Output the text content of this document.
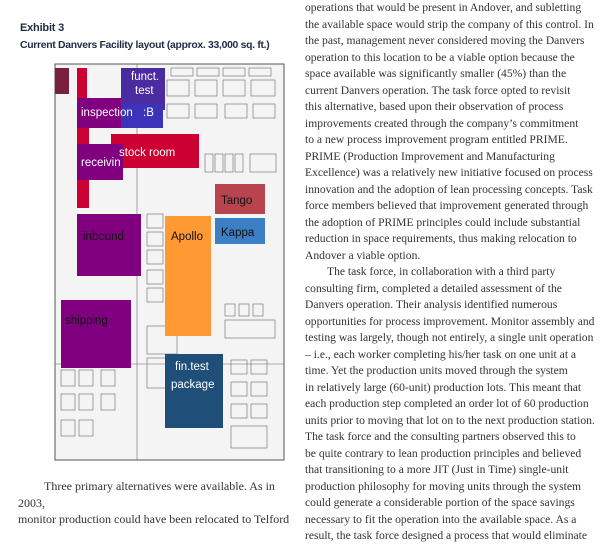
Exhibit 3
Current Danvers Facility layout (approx. 33,000 sq. ft.)
funct.
test
inspection :B
stock room
receivin
Tango
inbound	Apollo Kappa
shipping
fin.test
package
Three primary alternatives were available. As in 2003,
monitor production could have been relocated to Telford
operations that would be present in Andover, and subletting
the available space would strip the company of this control. In
the past, management never considered moving the Danvers
operation to this location to be a viable option because the
space available was significantly smaller (45%) than the
current Danvers operation. The task force opted to revisit
this alternative, based upon their observation of process
improvements created through the company’s commitment
to a new process improvement program entitled PRIME.
PRIME (Production Improvement and Manufacturing
Excellence) was a relatively new initiative focused on process
innovation and the adoption of lean processing concepts. Task
force members believed that improvement generated through
the adoption of PRIME principles could include substantial
reduction in space requirements, thus making relocation to
Andover a viable option.
The task force, in collaboration with a third party
consulting firm, completed a detailed assessment of the
Danvers operation. Their analysis identified numerous
opportunities for process improvement. Monitor assembly and
testing was largely, though not entirely, a single unit operation
– i.e., each worker completing his/her task on one unit at a
time. Yet the production units moved through the system
in relatively large (60-unit) production lots. This meant that
each production step completed an order lot of 60 production
units prior to moving that lot on to the next production station.
The task force and the consulting partners observed this to
be quite contrary to lean production principles and believed
that transitioning to a more JIT (Just in Time) single-unit
production philosophy for moving units through the system
could generate a considerable portion of the space savings
necessary to fit the operation into the available space. As a
result, the task force designed a process that would eliminate
